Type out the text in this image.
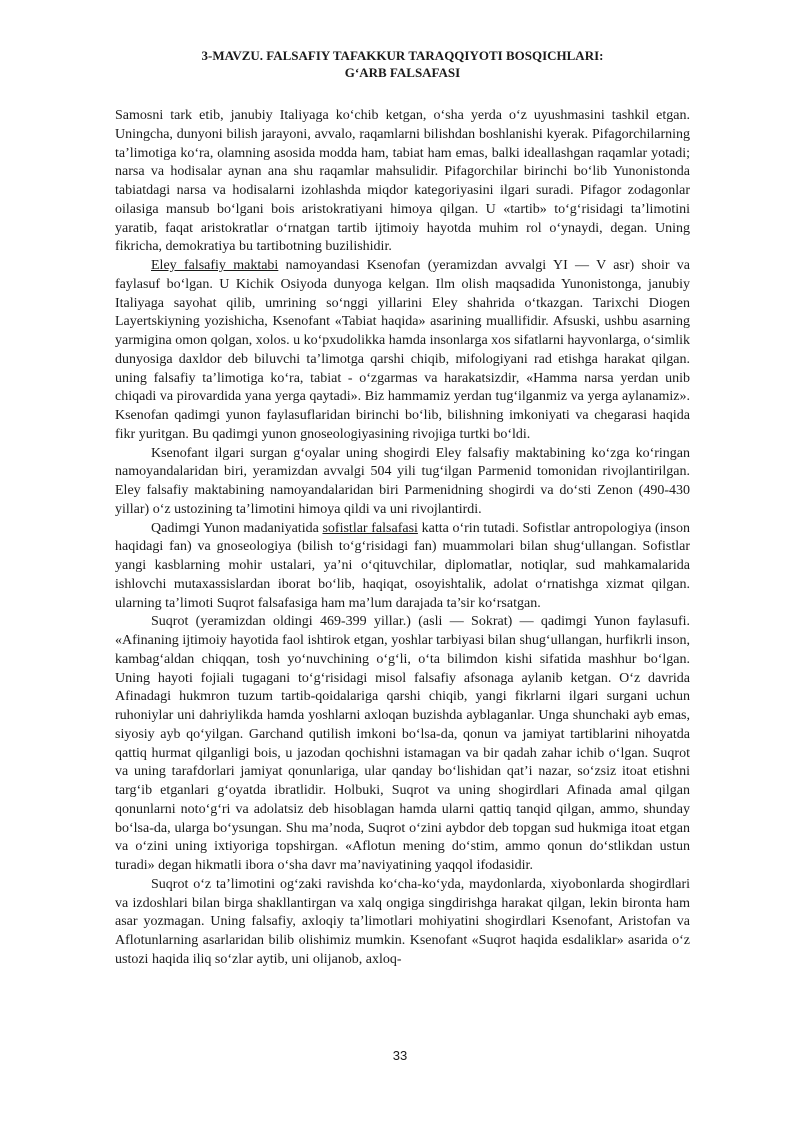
3-MAVZU. FALSAFIY TAFAKKUR TARAQQIYOTI BOSQICHLARI:
G‘ARB FALSAFASI

Samosni tark etib, janubiy Italiyaga ko‘chib ketgan, o‘sha yerda o‘z uyushmasini tashkil etgan. Uningcha, dunyoni bilish jarayoni, avvalo, raqamlarni bilishdan boshlanishi kyerak. Pifagorchilarning ta’limotiga ko‘ra, olamning asosida modda ham, tabiat ham emas, balki ideallashgan raqamlar yotadi; narsa va hodisalar aynan ana shu raqamlar mahsulidir. Pifagorchilar birinchi bo‘lib Yunonistonda tabiatdagi narsa va hodisalarni izohlashda miqdor kategoriyasini ilgari suradi. Pifagor zodagonlar oilasiga mansub bo‘lgani bois aristokratiyani himoya qilgan. U «tartib» to‘g‘risidagi ta’limotini yaratib, faqat aristokratlar o‘rnatgan tartib ijtimoiy hayotda muhim rol o‘ynaydi, degan. Uning fikricha, demokratiya bu tartibotning buzilishidir.

Eley falsafiy maktabi namoyandasi Ksenofan (yeramizdan avvalgi YI — V asr) shoir va faylasuf bo‘lgan. U Kichik Osiyoda dunyoga kelgan. Ilm olish maqsadida Yunonistonga, janubiy Italiyaga sayohat qilib, umrining so‘nggi yillarini Eley shahrida o‘tkazgan. Tarixchi Diogen Layertskiyning yozishicha, Ksenofant «Tabiat haqida» asarining muallifidir. Afsuski, ushbu asarning yarmigina omon qolgan, xolos. u ko‘pxudolikka hamda insonlarga xos sifatlarni hayvonlarga, o‘simlik dunyosiga daxldor deb biluvchi ta’limotga qarshi chiqib, mifologiyani rad etishga harakat qilgan. uning falsafiy ta’limotiga ko‘ra, tabiat - o‘zgarmas va harakatsizdir, «Hamma narsa yerdan unib chiqadi va pirovardida yana yerga qaytadi». Biz hammamiz yerdan tug‘ilganmiz va yerga aylanamiz». Ksenofan qadimgi yunon faylasuflaridan birinchi bo‘lib, bilishning imkoniyati va chegarasi haqida fikr yuritgan. Bu qadimgi yunon gnoseologiyasining rivojiga turtki bo‘ldi.

Ksenofant ilgari surgan g‘oyalar uning shogirdi Eley falsafiy maktabining ko‘zga ko‘ringan namoyandalaridan biri, yeramizdan avvalgi 504 yili tug‘ilgan Parmenid tomonidan rivojlantirilgan. Eley falsafiy maktabining namoyandalaridan biri Parmenidning shogirdi va do‘sti Zenon (490-430 yillar) o‘z ustozining ta’limotini himoya qildi va uni rivojlantirdi.

Qadimgi Yunon madaniyatida sofistlar falsafasi katta o‘rin tutadi. Sofistlar antropologiya (inson haqidagi fan) va gnoseologiya (bilish to‘g‘risidagi fan) muammolari bilan shug‘ullangan. Sofistlar yangi kasblarning mohir ustalari, ya’ni o‘qituvchilar, diplomatlar, notiqlar, sud mahkamalarida ishlovchi mutaxassislardan iborat bo‘lib, haqiqat, osoyishtalik, adolat o‘rnatishga xizmat qilgan. ularning ta’limoti Suqrot falsafasiga ham ma’lum darajada ta’sir ko‘rsatgan.

Suqrot (yeramizdan oldingi 469-399 yillar.) (asli — Sokrat) — qadimgi Yunon faylasufi. «Afinaning ijtimoiy hayotida faol ishtirok etgan, yoshlar tarbiyasi bilan shug‘ullangan, hurfikrli inson, kambag‘aldan chiqqan, tosh yo‘nuvchining o‘g‘li, o‘ta bilimdon kishi sifatida mashhur bo‘lgan. Uning hayoti fojiali tugagani to‘g‘risidagi misol falsafiy afsonaga aylanib ketgan. O‘z davrida Afinadagi hukmron tuzum tartib-qoidalariga qarshi chiqib, yangi fikrlarni ilgari surgani uchun ruhoniylar uni dahriylikda hamda yoshlarni axloqan buzishda ayblaganlar. Unga shunchaki ayb emas, siyosiy ayb qo‘yilgan. Garchand qutilish imkoni bo‘lsa-da, qonun va jamiyat tartiblarini nihoyatda qattiq hurmat qilganligi bois, u jazodan qochishni istamagan va bir qadah zahar ichib o‘lgan. Suqrot va uning tarafdorlari jamiyat qonunlariga, ular qanday bo‘lishidan qat’i nazar, so‘zsiz itoat etishni targ‘ib etganlari g‘oyatda ibratlidir. Holbuki, Suqrot va uning shogirdlari Afinada amal qilgan qonunlarni noto‘g‘ri va adolatsiz deb hisoblagan hamda ularni qattiq tanqid qilgan, ammo, shunday bo‘lsa-da, ularga bo‘ysungan. Shu ma’noda, Suqrot o‘zini aybdor deb topgan sud hukmiga itoat etgan va o‘zini uning ixtiyoriga topshirgan. «Aflotun mening do‘stim, ammo qonun do‘stlikdan ustun turadi» degan hikmatli ibora o‘sha davr ma’naviyatining yaqqol ifodasidir.

Suqrot o‘z ta’limotini og‘zaki ravishda ko‘cha-ko‘yda, maydonlarda, xiyobonlarda shogirdlari va izdoshlari bilan birga shakllantirgan va xalq ongiga singdirishga harakat qilgan, lekin bironta ham asar yozmagan. Uning falsafiy, axloqiy ta’limotlari mohiyatini shogirdlari Ksenofant, Aristofan va Aflotunlarning asarlaridan bilib olishimiz mumkin. Ksenofant «Suqrot haqida esdaliklar» asarida o‘z ustozi haqida iliq so‘zlar aytib, uni olijanob, axloq-

33
